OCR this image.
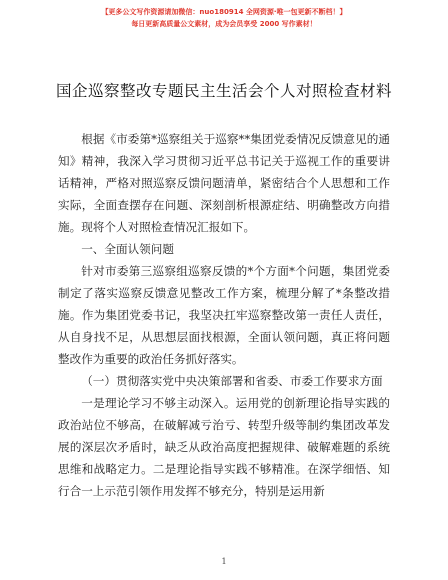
【更多公文写作资源请加微信：nuo180914 全网资源·唯一包更新不断档！】
每日更新高质量公文素材，成为会员享受 2000 写作素材！
国企巡察整改专题民主生活会个人对照检查材料

根据《市委第*巡察组关于巡察**集团党委情况反馈意见的通知》精神，我深入学习贯彻习近平总书记关于巡视工作的重要讲话精神，严格对照巡察反馈问题清单，紧密结合个人思想和工作实际，全面查摆存在问题、深刻剖析根源症结、明确整改方向措施。现将个人对照检查情况汇报如下。

一、全面认领问题

针对市委第三巡察组巡察反馈的*个方面*个问题，集团党委制定了落实巡察反馈意见整改工作方案，梳理分解了*条整改措施。作为集团党委书记，我坚决扛牢巡察整改第一责任人责任，从自身找不足，从思想层面找根源，全面认领问题，真正将问题整改作为重要的政治任务抓好落实。

（一）贯彻落实党中央决策部署和省委、市委工作要求方面

一是理论学习不够主动深入。运用党的创新理论指导实践的政治站位不够高，在破解减亏治亏、转型升级等制约集团改革发展的深层次矛盾时，缺乏从政治高度把握规律、破解难题的系统思维和战略定力。二是理论指导实践不够精准。在深学细悟、知行合一上示范引领作用发挥不够充分，特别是运用新

1
